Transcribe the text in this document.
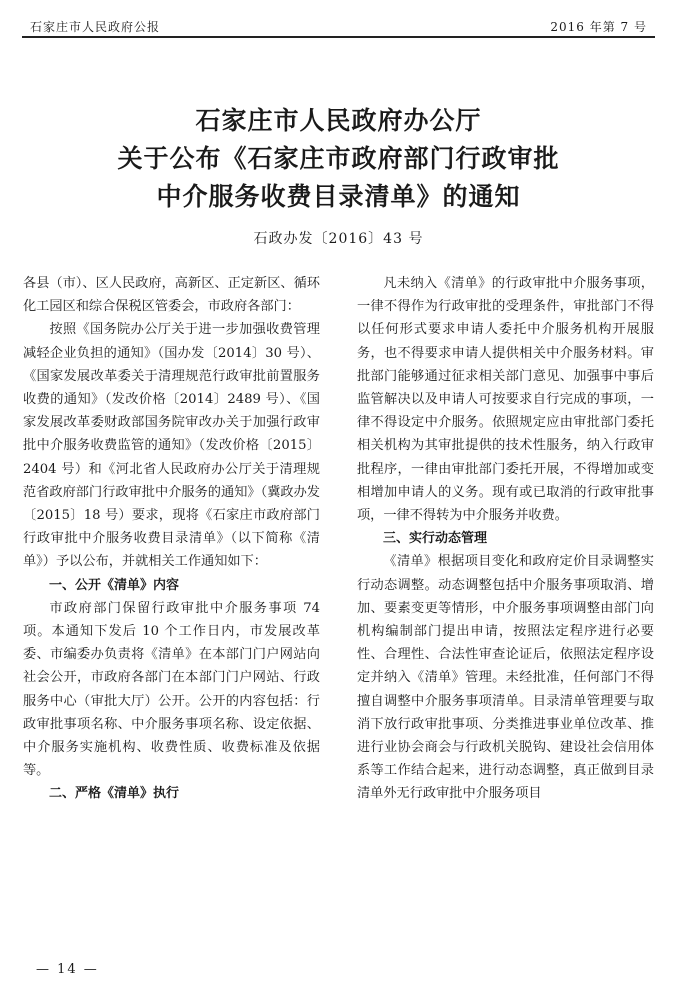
石家庄市人民政府公报	2016 年第 7 号
石家庄市人民政府办公厅
关于公布《石家庄市政府部门行政审批
中介服务收费目录清单》的通知
石政办发〔2016〕43 号

各县（市）、区人民政府，高新区、正定新区、循环化工园区和综合保税区管委会，市政府各部门：

按照《国务院办公厅关于进一步加强收费管理减轻企业负担的通知》（国办发〔2014〕30 号）、《国家发展改革委关于清理规范行政审批前置服务收费的通知》（发改价格〔2014〕2489 号）、《国家发展改革委财政部国务院审改办关于加强行政审批中介服务收费监管的通知》（发改价格〔2015〕2404 号）和《河北省人民政府办公厅关于清理规范省政府部门行政审批中介服务的通知》（冀政办发〔2015〕18 号）要求，现将《石家庄市政府部门行政审批中介服务收费目录清单》（以下简称《清单》）予以公布，并就相关工作通知如下：

一、公开《清单》内容

市政府部门保留行政审批中介服务事项 74 项。本通知下发后 10 个工作日内，市发展改革委、市编委办负责将《清单》在本部门门户网站向社会公开，市政府各部门在本部门门户网站、行政服务中心（审批大厅）公开。公开的内容包括：行政审批事项名称、中介服务事项名称、设定依据、中介服务实施机构、收费性质、收费标准及依据等。

二、严格《清单》执行

凡未纳入《清单》的行政审批中介服务事项，一律不得作为行政审批的受理条件，审批部门不得以任何形式要求申请人委托中介服务机构开展服务，也不得要求申请人提供相关中介服务材料。审批部门能够通过征求相关部门意见、加强事中事后监管解决以及申请人可按要求自行完成的事项，一律不得设定中介服务。依照规定应由审批部门委托相关机构为其审批提供的技术性服务，纳入行政审批程序，一律由审批部门委托开展，不得增加或变相增加申请人的义务。现有或已取消的行政审批事项，一律不得转为中介服务并收费。

三、实行动态管理

《清单》根据项目变化和政府定价目录调整实行动态调整。动态调整包括中介服务事项取消、增加、要素变更等情形，中介服务事项调整由部门向机构编制部门提出申请，按照法定程序进行必要性、合理性、合法性审查论证后，依照法定程序设定并纳入《清单》管理。未经批准，任何部门不得擅自调整中介服务事项清单。目录清单管理要与取消下放行政审批事项、分类推进事业单位改革、推进行业协会商会与行政机关脱钩、建设社会信用体系等工作结合起来，进行动态调整，真正做到目录清单外无行政审批中介服务项目

— 14 —
